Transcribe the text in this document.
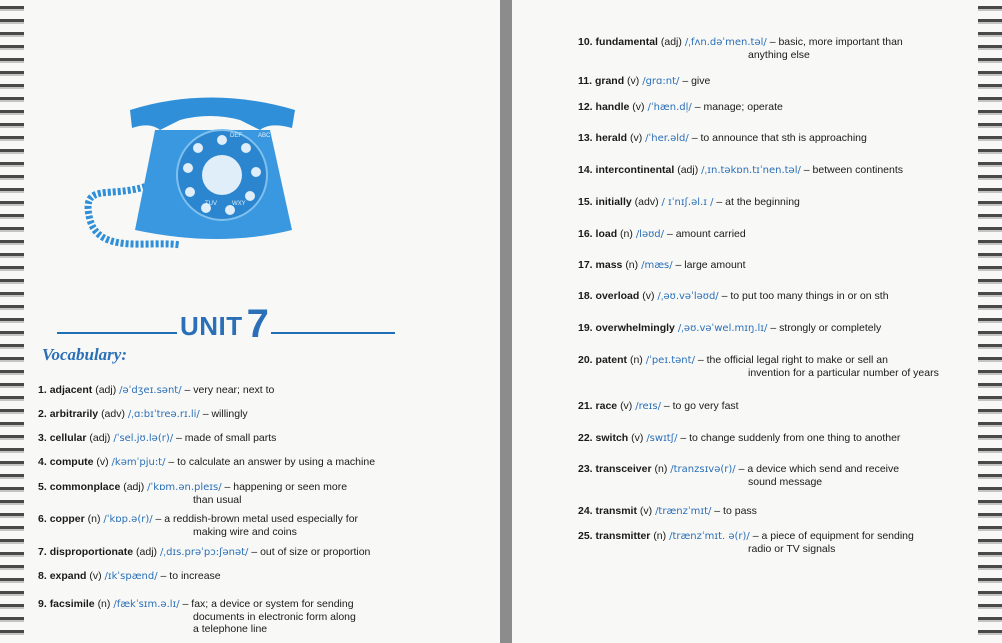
DEF	ABC
TUV	WXY
UNIT 7
Vocabulary:
1. adjacent (adj) /əˈdʒeɪ.sənt/ – very near; next to
2. arbitrarily (adv) /ˌɑ:bɪˈtreə.rɪ.li/ – willingly
3. cellular (adj) /ˈsel.jʊ.lə(r)/ – made of small parts
4. compute (v) /kəmˈpju:t/ – to calculate an answer by using a machine
5. commonplace (adj) /ˈkɒm.ən.pleɪs/ – happening or seen more
than usual
6. copper (n) /ˈkɒp.ə(r)/ – a reddish-brown metal used especially for
making wire and coins
7. disproportionate (adj) /ˌdɪs.prəˈpɔ:ʃənət/ – out of size or proportion
8. expand (v) /ɪkˈspænd/ – to increase
9. facsimile (n) /fækˈsɪm.ə.lɪ/ – fax; a device or system for sending
documents in electronic form along
a telephone line
10. fundamental (adj) /ˌfʌn.dəˈmen.təl/ – basic, more important than
anything else
11. grand (v) /grɑ:nt/ – give
12. handle (v) /ˈhæn.dl̩/ – manage; operate
13. herald (v) /ˈher.əld/ – to announce that sth is approaching
14. intercontinental (adj) /ˌɪn.təkɒn.tɪˈnen.təl/ – between continents
15. initially (adv) / ɪˈnɪʃ.əl.ɪ / – at the beginning
16. load (n) /ləʊd/ – amount carried
17. mass (n) /mæs/ – large amount
18. overload (v) /ˌəʊ.vəˈləʊd/ – to put too many things in or on sth
19. overwhelmingly /ˌəʊ.vəˈwel.mɪŋ.lɪ/ – strongly or completely
20. patent (n) /ˈpeɪ.tənt/ – the official legal right to make or sell an
invention for a particular number of years
21. race (v) /reɪs/ – to go very fast
22. switch (v) /swɪtʃ/ – to change suddenly from one thing to another
23. transceiver (n) /tranzsɪvə(r)/ – a device which send and receive
sound message
24. transmit (v) /trænzˈmɪt/ – to pass
25. transmitter (n) /trænzˈmɪt. ə(r)/ – a piece of equipment for sending
radio or TV signals
